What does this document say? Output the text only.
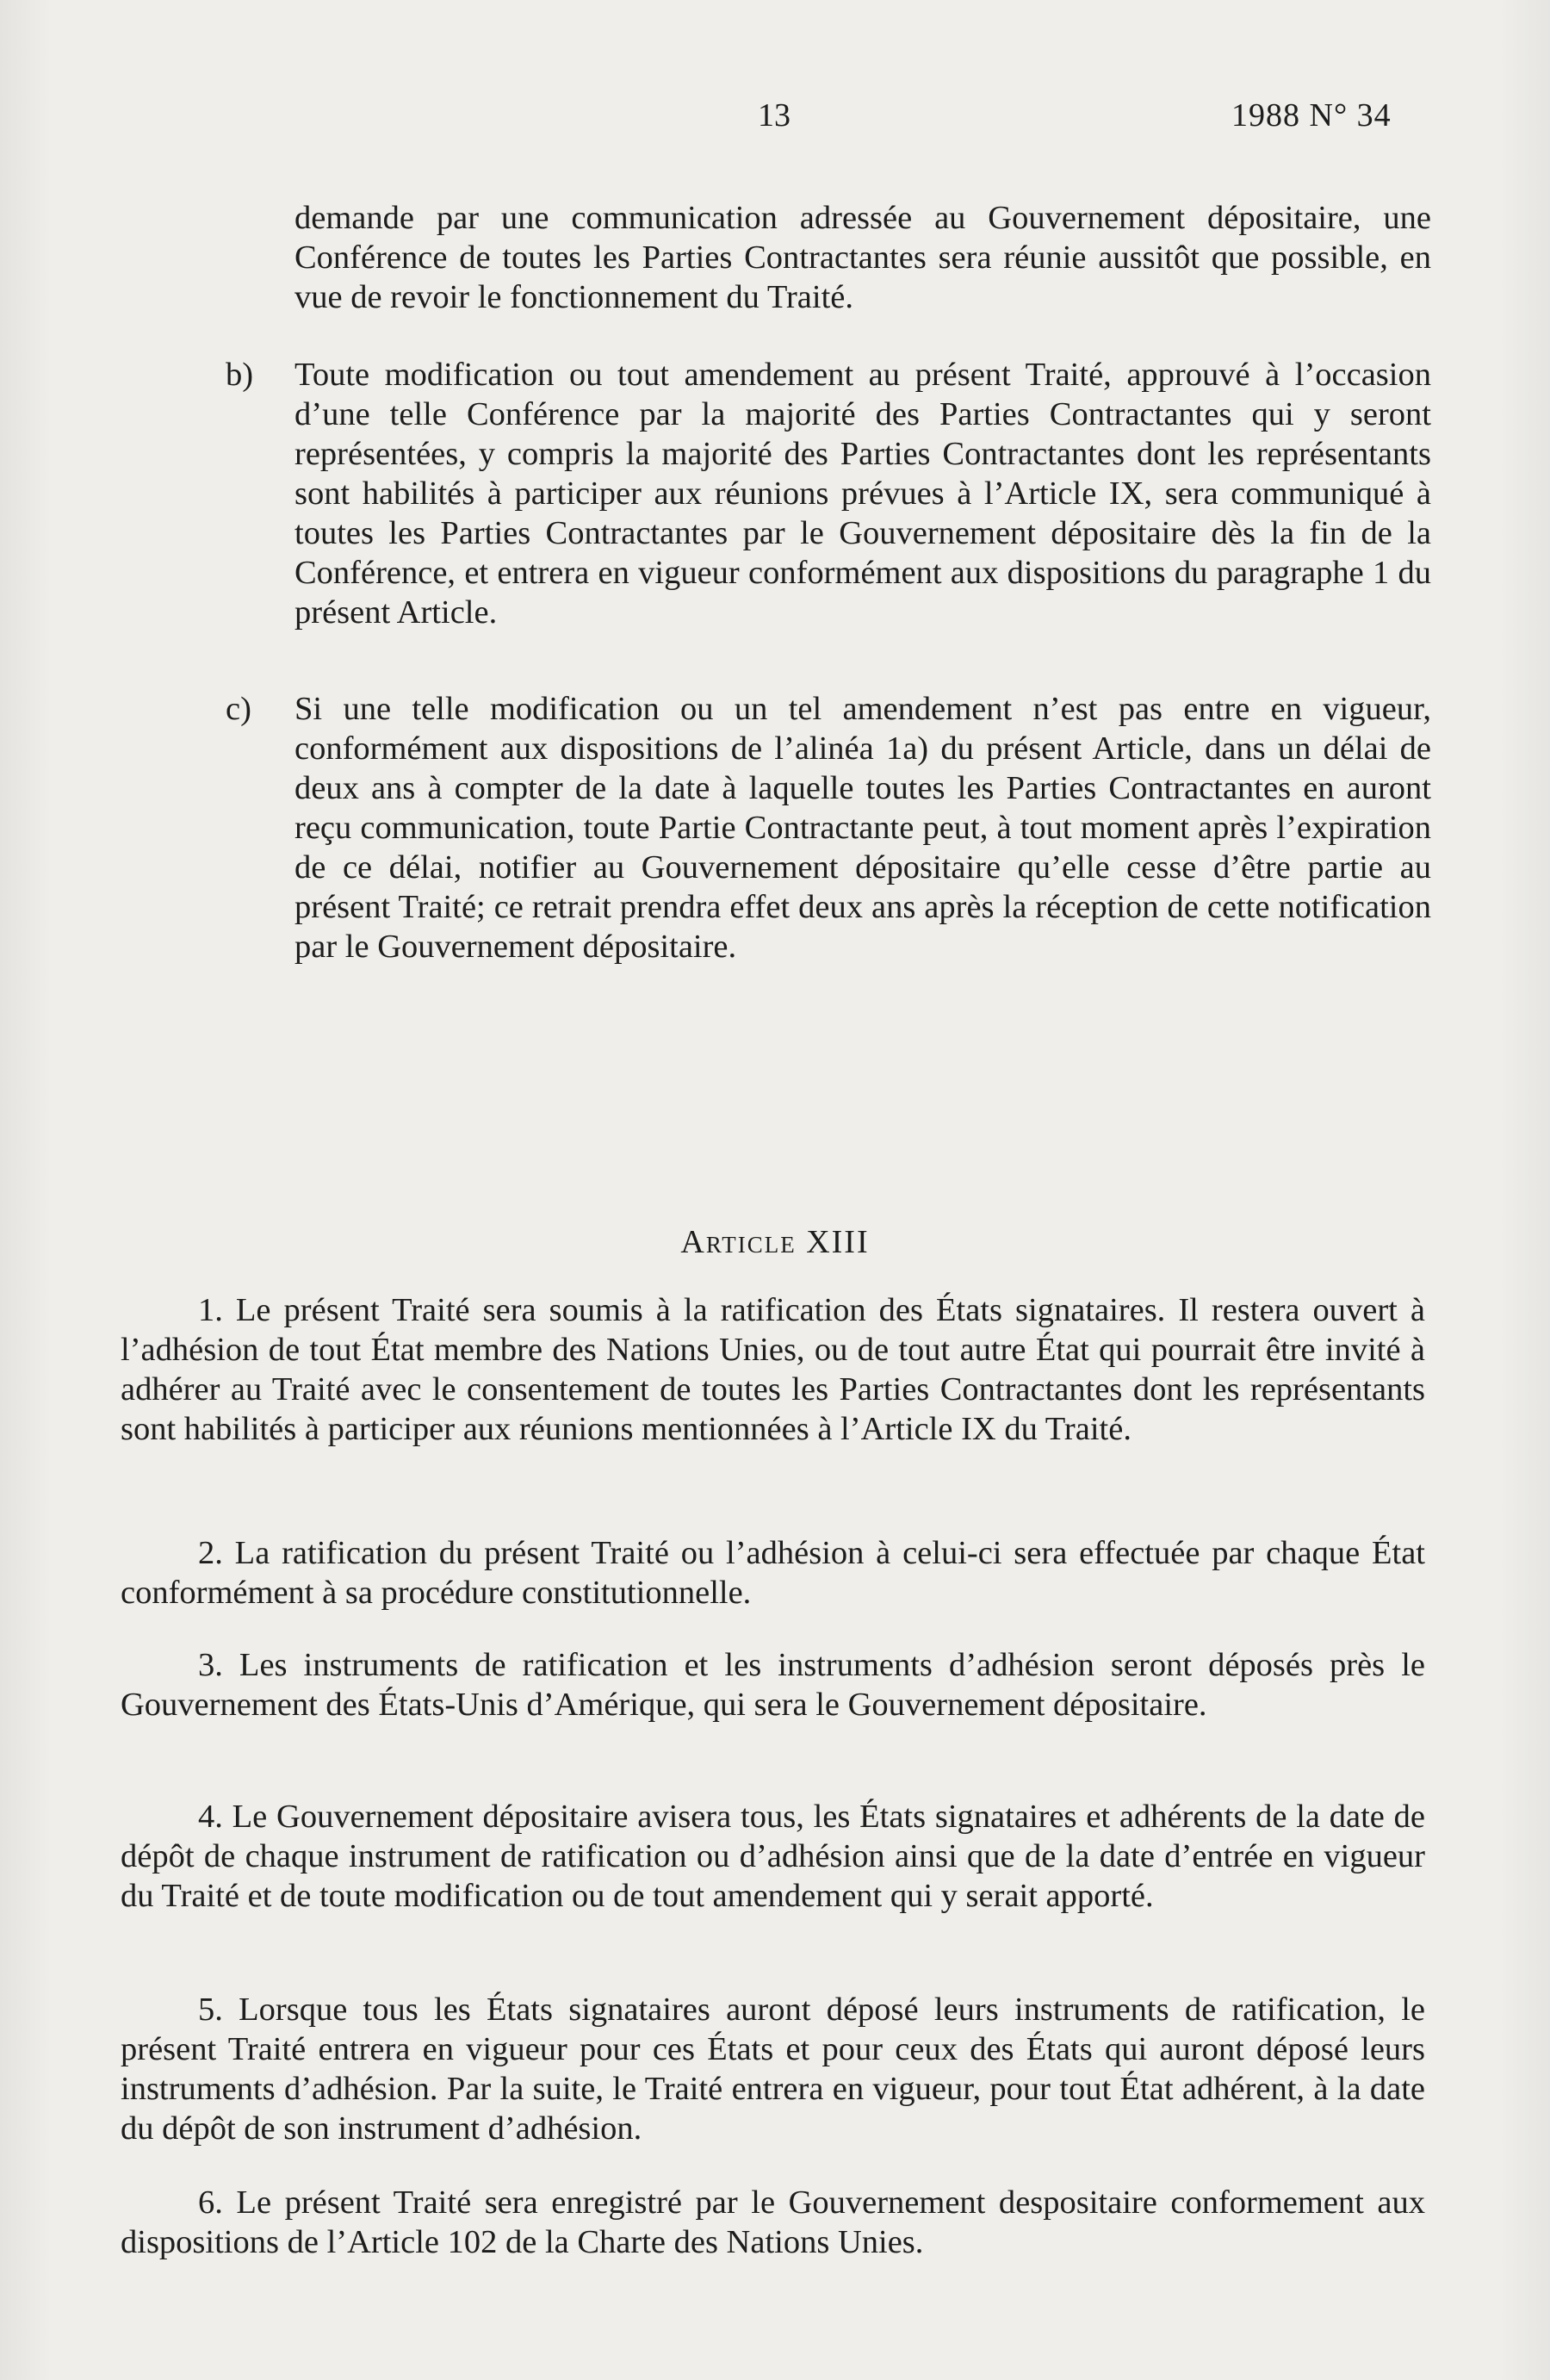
13	1988 N° 34

demande par une communication adressée au Gouvernement dépositaire, une Conférence de toutes les Parties Contractantes sera réunie aussitôt que possible, en vue de revoir le fonctionnement du Traité.

b) Toute modification ou tout amendement au présent Traité, approuvé à l’occasion d’une telle Conférence par la majorité des Parties Contractantes qui y seront représentées, y compris la majorité des Parties Contractantes dont les représentants sont habilités à participer aux réunions prévues à l’Article IX, sera communiqué à toutes les Parties Contractantes par le Gouvernement dépositaire dès la fin de la Conférence, et entrera en vigueur conformément aux dispositions du paragraphe 1 du présent Article.

c) Si une telle modification ou un tel amendement n’est pas entre en vigueur, conformément aux dispositions de l’alinéa 1a) du présent Article, dans un délai de deux ans à compter de la date à laquelle toutes les Parties Contractantes en auront reçu communication, toute Partie Contractante peut, à tout moment après l’expiration de ce délai, notifier au Gouvernement dépositaire qu’elle cesse d’être partie au présent Traité; ce retrait prendra effet deux ans après la réception de cette notification par le Gouvernement dépositaire.

Article XIII

1. Le présent Traité sera soumis à la ratification des États signataires. Il restera ouvert à l’adhésion de tout État membre des Nations Unies, ou de tout autre État qui pourrait être invité à adhérer au Traité avec le consentement de toutes les Parties Contractantes dont les représentants sont habilités à participer aux réunions mentionnées à l’Article IX du Traité.

2. La ratification du présent Traité ou l’adhésion à celui-ci sera effectuée par chaque État conformément à sa procédure constitutionnelle.

3. Les instruments de ratification et les instruments d’adhésion seront déposés près le Gouvernement des États-Unis d’Amérique, qui sera le Gouvernement dépositaire.

4. Le Gouvernement dépositaire avisera tous, les États signataires et adhérents de la date de dépôt de chaque instrument de ratification ou d’adhésion ainsi que de la date d’entrée en vigueur du Traité et de toute modification ou de tout amendement qui y serait apporté.

5. Lorsque tous les États signataires auront déposé leurs instruments de ratification, le présent Traité entrera en vigueur pour ces États et pour ceux des États qui auront déposé leurs instruments d’adhésion. Par la suite, le Traité entrera en vigueur, pour tout État adhérent, à la date du dépôt de son instrument d’adhésion.

6. Le présent Traité sera enregistré par le Gouvernement despositaire conformement aux dispositions de l’Article 102 de la Charte des Nations Unies.
